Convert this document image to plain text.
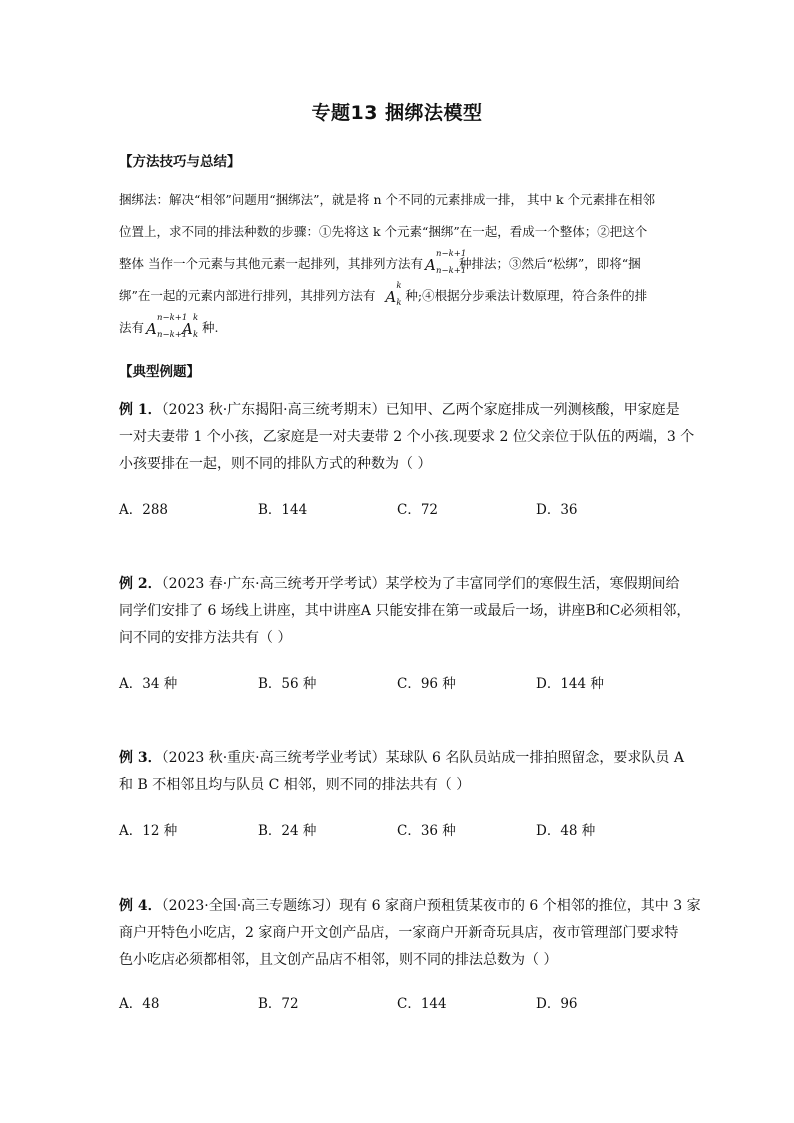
专题13 捆绑法模型
【方法技巧与总结】
捆绑法：解决“相邻”问题用“捆绑法”，就是将 n 个不同的元素排成一排， 其中 k 个元素排在相邻
位置上，求不同的排法种数的步骤：①先将这 k 个元素“捆绑”在一起，看成一个整体；②把这个
整体 当作一个元素与其他元素一起排列，其排列方法有 A
n−k+1
n−k+1
种排法；③然后“松绑”，即将“捆
绑”在一起的元素内部进行排列，其排列方法有 A
k
k 种;④根据分步乘法计数原理，符合条件的排
法有 A
n−k+1
n−k+1
A
k
k 种.
【典型例题】
例 1．（2023 秋·广东揭阳·高三统考期末）已知甲、乙两个家庭排成一列测核酸，甲家庭是
一对夫妻带 1 个小孩，乙家庭是一对夫妻带 2 个小孩.现要求 2 位父亲位于队伍的两端，3 个
小孩要排在一起，则不同的排队方式的种数为（ ）
A．288	B．144	C．72	D．36
例 2．（2023 春·广东·高三统考开学考试）某学校为了丰富同学们的寒假生活，寒假期间给
同学们安排了 6 场线上讲座，其中讲座A 只能安排在第一或最后一场，讲座B和C必须相邻，
问不同的安排方法共有（ ）
A．34 种	B．56 种	C．96 种	D．144 种
例 3．（2023 秋·重庆·高三统考学业考试）某球队 6 名队员站成一排拍照留念，要求队员 A
和 B 不相邻且均与队员 C 相邻，则不同的排法共有（ ）
A．12 种	B．24 种	C．36 种	D．48 种
例 4．（2023·全国·高三专题练习）现有 6 家商户预租赁某夜市的 6 个相邻的推位，其中 3 家
商户开特色小吃店，2 家商户开文创产品店，一家商户开新奇玩具店，夜市管理部门要求特
色小吃店必须都相邻，且文创产品店不相邻，则不同的排法总数为（ ）
A．48	B．72	C．144	D．96
